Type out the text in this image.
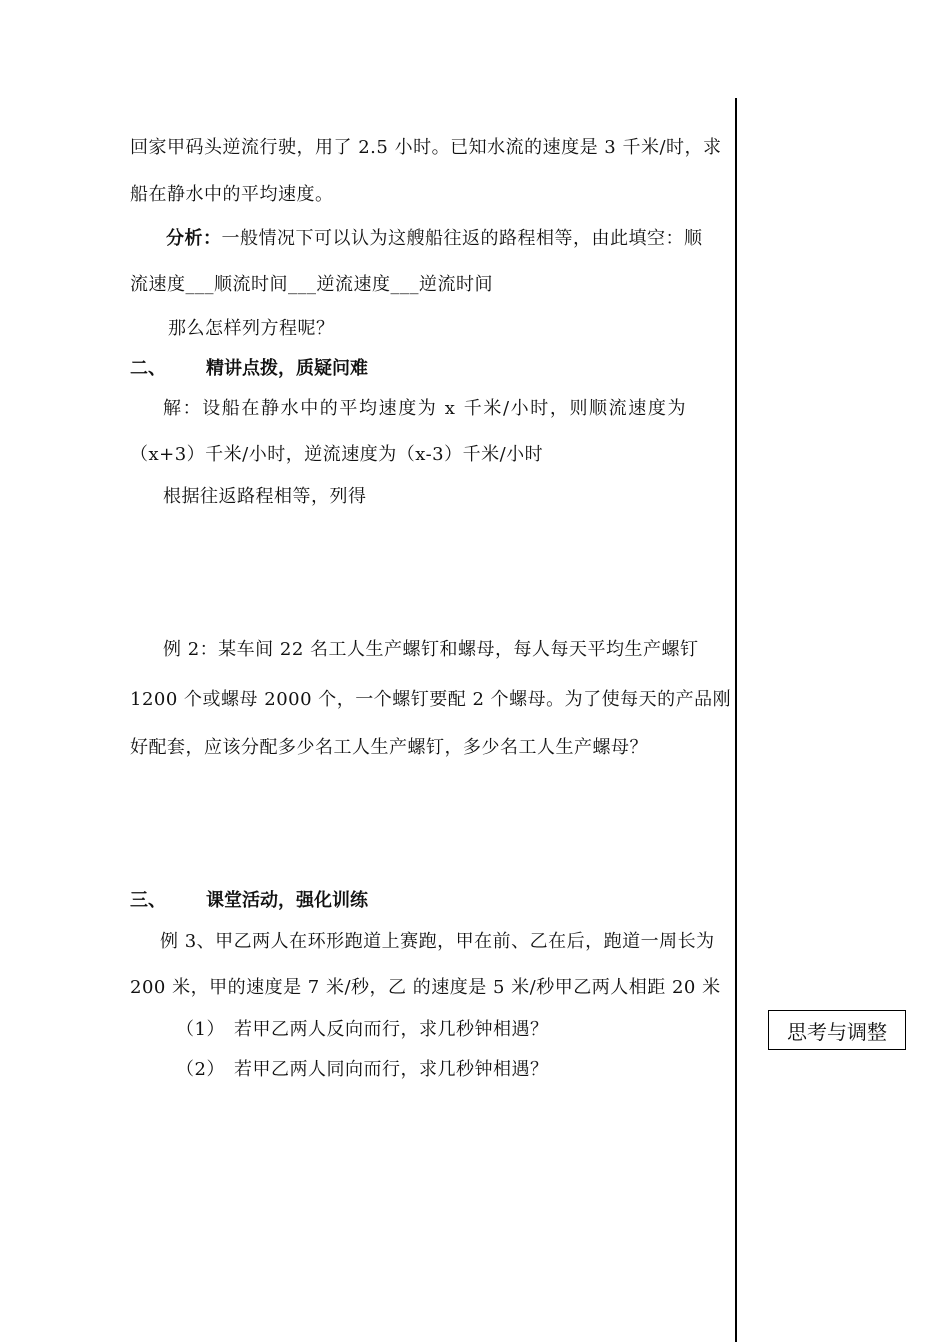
回家甲码头逆流行驶，用了 2.5 小时。已知水流的速度是 3 千米/时，求
船在静水中的平均速度。
分析：一般情况下可以认为这艘船往返的路程相等，由此填空：顺
流速度___顺流时间___逆流速度___逆流时间
那么怎样列方程呢？
二、 精讲点拨，质疑问难
解：设船在静水中的平均速度为 x 千米/小时，则顺流速度为
（x+3）千米/小时，逆流速度为（x-3）千米/小时
根据往返路程相等，列得
例 2：某车间 22 名工人生产螺钉和螺母，每人每天平均生产螺钉
1200 个或螺母 2000 个，一个螺钉要配 2 个螺母。为了使每天的产品刚
好配套，应该分配多少名工人生产螺钉，多少名工人生产螺母？
三、 课堂活动，强化训练
例 3、甲乙两人在环形跑道上赛跑，甲在前、乙在后，跑道一周长为
200 米，甲的速度是 7 米/秒，乙 的速度是 5 米/秒甲乙两人相距 20 米
（1） 若甲乙两人反向而行，求几秒钟相遇？
（2） 若甲乙两人同向而行，求几秒钟相遇？
思考与调整
